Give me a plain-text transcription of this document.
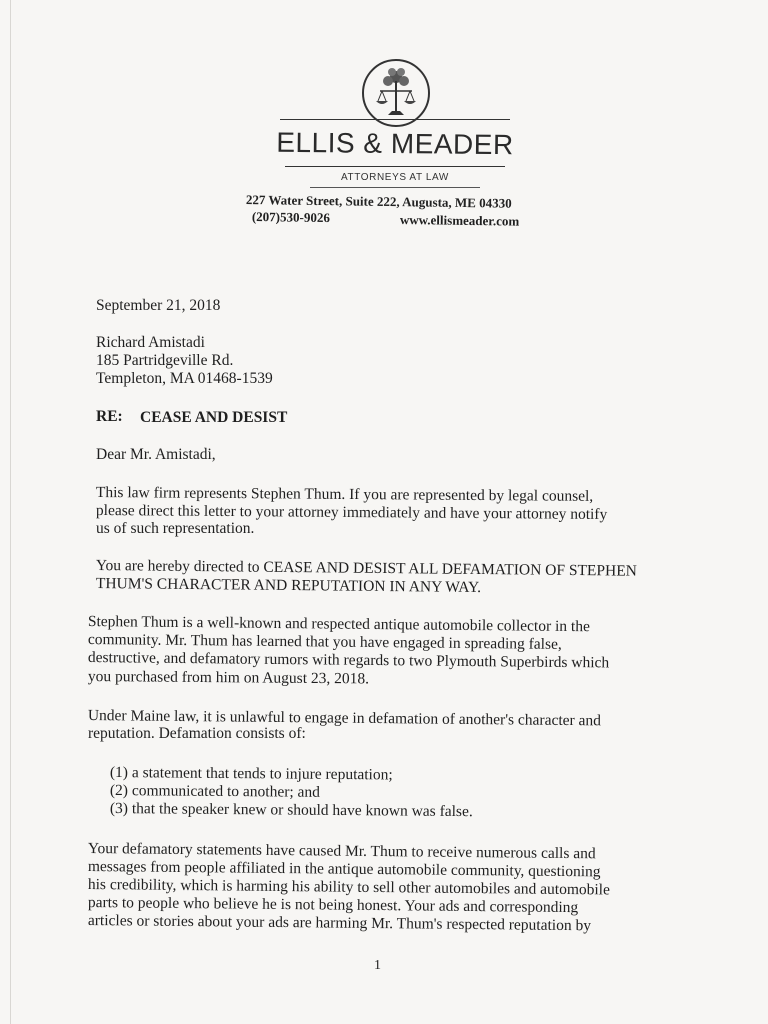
ELLIS & MEADER
ATTORNEYS AT LAW
227 Water Street, Suite 222, Augusta, ME 04330
(207)530-9026	www.ellismeader.com
September 21, 2018
Richard Amistadi
185 Partridgeville Rd.
Templeton, MA 01468-1539
RE: CEASE AND DESIST
Dear Mr. Amistadi,
This law firm represents Stephen Thum. If you are represented by legal counsel,
please direct this letter to your attorney immediately and have your attorney notify
us of such representation.
You are hereby directed to CEASE AND DESIST ALL DEFAMATION OF STEPHEN
THUM'S CHARACTER AND REPUTATION IN ANY WAY.
Stephen Thum is a well-known and respected antique automobile collector in the
community. Mr. Thum has learned that you have engaged in spreading false,
destructive, and defamatory rumors with regards to two Plymouth Superbirds which
you purchased from him on August 23, 2018.
Under Maine law, it is unlawful to engage in defamation of another's character and
reputation. Defamation consists of:
(1) a statement that tends to injure reputation;
(2) communicated to another; and
(3) that the speaker knew or should have known was false.
Your defamatory statements have caused Mr. Thum to receive numerous calls and
messages from people affiliated in the antique automobile community, questioning
his credibility, which is harming his ability to sell other automobiles and automobile
parts to people who believe he is not being honest. Your ads and corresponding
articles or stories about your ads are harming Mr. Thum's respected reputation by
1
